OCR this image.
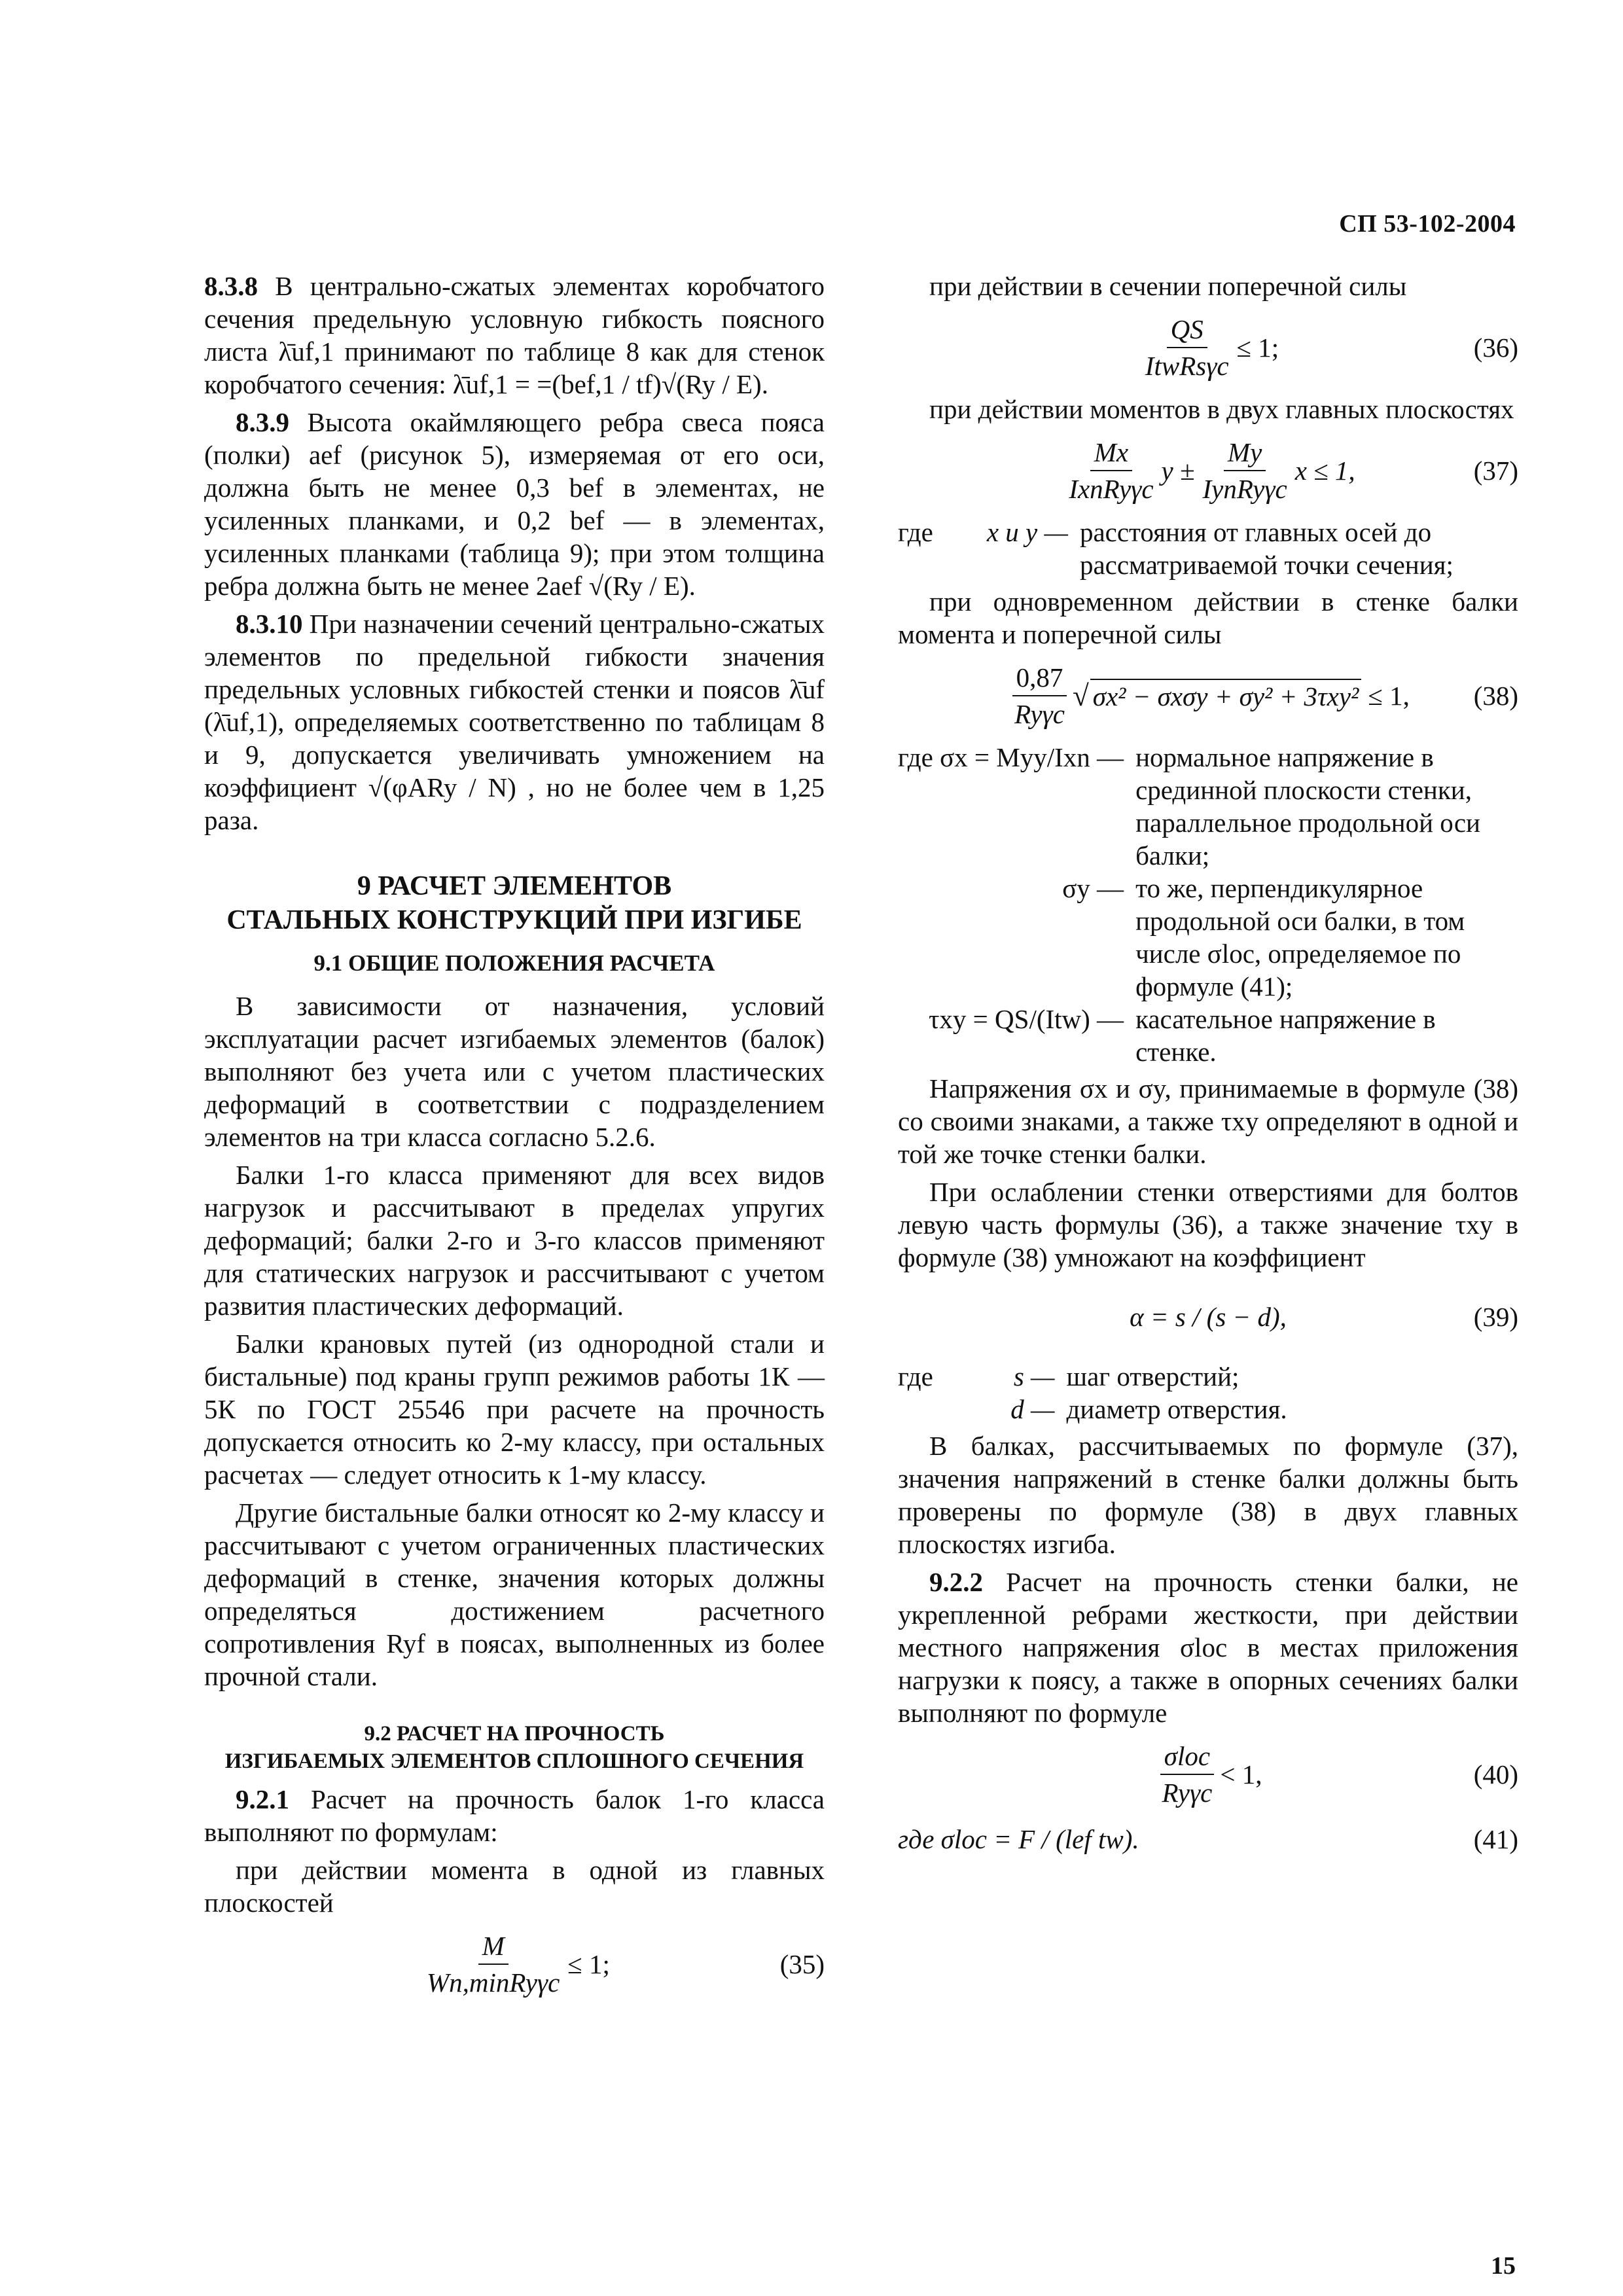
СП 53-102-2004

8.3.8 В центрально-сжатых элементах коробчатого сечения предельную условную гибкость поясного листа λ̄uf,1 принимают по таблице 8 как для стенок коробчатого сечения: λ̄uf,1 = =(bef,1 / tf)√(Ry / E).

8.3.9 Высота окаймляющего ребра свеса пояса (полки) aef (рисунок 5), измеряемая от его оси, должна быть не менее 0,3 bef в элементах, не усиленных планками, и 0,2 bef — в элементах, усиленных планками (таблица 9); при этом толщина ребра должна быть не менее 2aef √(Ry / E).

8.3.10 При назначении сечений центрально-сжатых элементов по предельной гибкости значения предельных условных гибкостей стенки и поясов λ̄uf (λ̄uf,1), определяемых соответственно по таблицам 8 и 9, допускается увеличивать умножением на коэффициент √(φARy / N) , но не более чем в 1,25 раза.

9 РАСЧЕТ ЭЛЕМЕНТОВ
СТАЛЬНЫХ КОНСТРУКЦИЙ ПРИ ИЗГИБЕ
9.1 ОБЩИЕ ПОЛОЖЕНИЯ РАСЧЕТА

В зависимости от назначения, условий эксплуатации расчет изгибаемых элементов (балок) выполняют без учета или с учетом пластических деформаций в соответствии с подразделением элементов на три класса согласно 5.2.6.

Балки 1-го класса применяют для всех видов нагрузок и рассчитывают в пределах упругих деформаций; балки 2-го и 3-го классов применяют для статических нагрузок и рассчитывают с учетом развития пластических деформаций.

Балки крановых путей (из однородной стали и бистальные) под краны групп режимов работы 1К — 5К по ГОСТ 25546 при расчете на прочность допускается относить ко 2-му классу, при остальных расчетах — следует относить к 1-му классу.

Другие бистальные балки относят ко 2-му классу и рассчитывают с учетом ограниченных пластических деформаций в стенке, значения которых должны определяться достижением расчетного сопротивления Ryf в поясах, выполненных из более прочной стали.

9.2 РАСЧЕТ НА ПРОЧНОСТЬ
ИЗГИБАЕМЫХ ЭЛЕМЕНТОВ СПЛОШНОГО СЕЧЕНИЯ

9.2.1 Расчет на прочность балок 1-го класса выполняют по формулам:

при действии момента в одной из главных плоскостей

$\frac{M}{\text{Wn,minRyγc}} \le 1$;	(35)

при действии в сечении поперечной силы

$\frac{QS}{\text{ItwRsγc}} \le 1$;	(36)

при действии моментов в двух главных плоскостях

$\frac{Mx}{\text{IxnRyγc}}$ $y \pm \frac{My}{\text{IynRyγc}}$ x ≤ 1,	(37)
где x и y — расстояния от главных осей до рассматриваемой точки сечения;

при одновременном действии в стенке балки момента и поперечной силы

$\frac{0,87}{\text{Ryγc}}$ √ σx² − σxσy + σy² + 3τxy² ≤ 1, (38)
где σx = Myy/Ixn — нормальное напряжение в срединной плоскости стенки, параллельное продольной оси балки;
σy — то же, перпендикулярное продольной оси балки, в том числе σloc, определяемое по формуле (41);
τxy = QS/(Itw) — касательное напряжение в стенке.

Напряжения σx и σy, принимаемые в формуле (38) со своими знаками, а также τxy определяют в одной и той же точке стенки балки.

При ослаблении стенки отверстиями для болтов левую часть формулы (36), а также значение τxy в формуле (38) умножают на коэффициент

α = s / (s − d),	(39)
где	s — шаг отверстий;
d — диаметр отверстия.

В балках, рассчитываемых по формуле (37), значения напряжений в стенке балки должны быть проверены по формуле (38) в двух главных плоскостях изгиба.

9.2.2 Расчет на прочность стенки балки, не укрепленной ребрами жесткости, при действии местного напряжения σloc в местах приложения нагрузки к поясу, а также в опорных сечениях балки выполняют по формуле

$\frac{\text{σloc}}{\text{Ryγc}} < 1$,	(40)
где σloc = F / (lef tw).	(41)
15
